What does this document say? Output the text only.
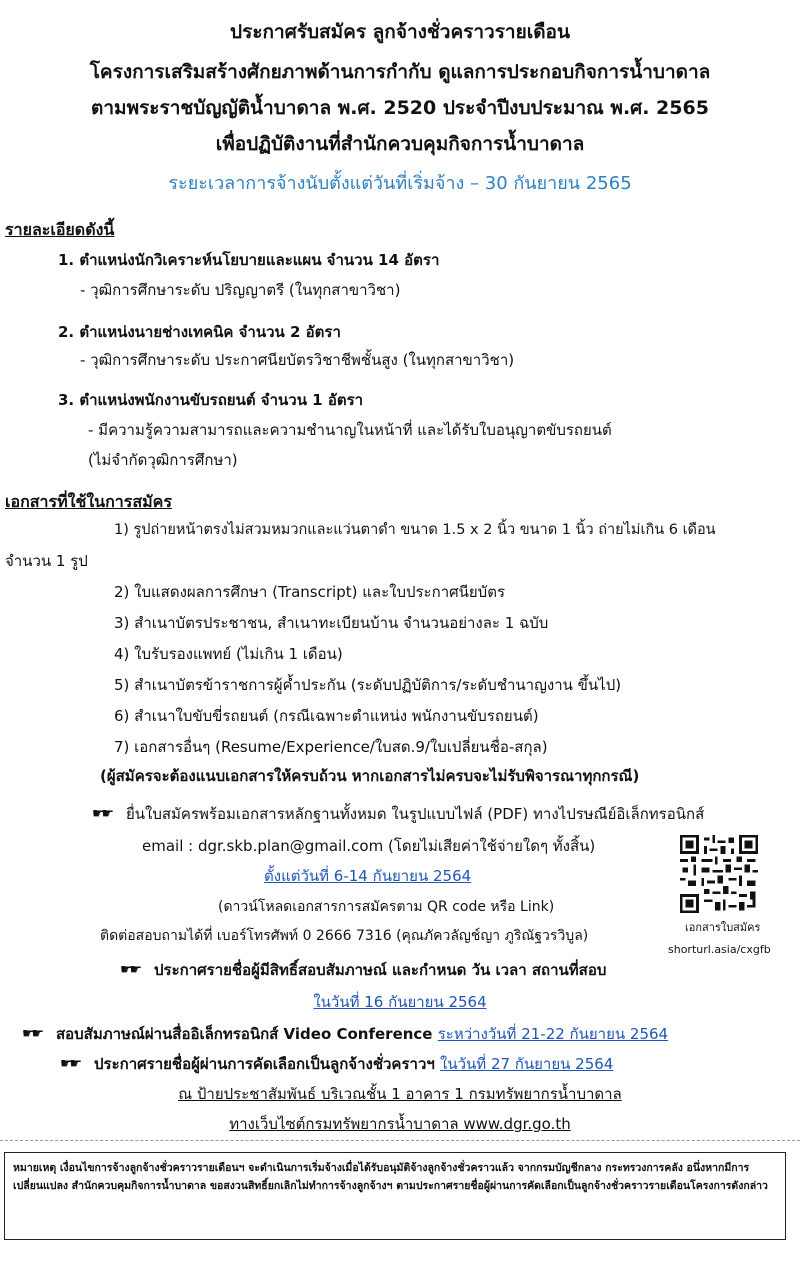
ประกาศรับสมัคร ลูกจ้างชั่วคราวรายเดือน
โครงการเสริมสร้างศักยภาพด้านการกำกับ ดูแลการประกอบกิจการน้ำบาดาล
ตามพระราชบัญญัติน้ำบาดาล พ.ศ. 2520 ประจำปีงบประมาณ พ.ศ. 2565
เพื่อปฏิบัติงานที่สำนักควบคุมกิจการน้ำบาดาล
ระยะเวลาการจ้างนับตั้งแต่วันที่เริ่มจ้าง – 30 กันยายน 2565
รายละเอียดดังนี้
1. ตำแหน่งนักวิเคราะห์นโยบายและแผน จำนวน 14 อัตรา
- วุฒิการศึกษาระดับ ปริญญาตรี (ในทุกสาขาวิชา)
2. ตำแหน่งนายช่างเทคนิค จำนวน 2 อัตรา
- วุฒิการศึกษาระดับ ประกาศนียบัตรวิชาชีพชั้นสูง (ในทุกสาขาวิชา)
3. ตำแหน่งพนักงานขับรถยนต์ จำนวน 1 อัตรา
- มีความรู้ความสามารถและความชำนาญในหน้าที่ และได้รับใบอนุญาตขับรถยนต์
(ไม่จำกัดวุฒิการศึกษา)
เอกสารที่ใช้ในการสมัคร
1) รูปถ่ายหน้าตรงไม่สวมหมวกและแว่นตาดำ ขนาด 1.5 x 2 นิ้ว ขนาด 1 นิ้ว ถ่ายไม่เกิน 6 เดือน
จำนวน 1 รูป
2) ใบแสดงผลการศึกษา (Transcript) และใบประกาศนียบัตร
3) สำเนาบัตรประชาชน, สำเนาทะเบียนบ้าน จำนวนอย่างละ 1 ฉบับ
4) ใบรับรองแพทย์ (ไม่เกิน 1 เดือน)
5) สำเนาบัตรข้าราชการผู้ค้ำประกัน (ระดับปฏิบัติการ/ระดับชำนาญงาน ขึ้นไป)
6) สำเนาใบขับขี่รถยนต์ (กรณีเฉพาะตำแหน่ง พนักงานขับรถยนต์)
7) เอกสารอื่นๆ (Resume/Experience/ใบสด.9/ใบเปลี่ยนชื่อ-สกุล)
(ผู้สมัครจะต้องแนบเอกสารให้ครบถ้วน หากเอกสารไม่ครบจะไม่รับพิจารณาทุกกรณี)
☛☛ยื่นใบสมัครพร้อมเอกสารหลักฐานทั้งหมด ในรูปแบบไฟล์ (PDF) ทางไปรษณีย์อิเล็กทรอนิกส์
email : dgr.skb.plan@gmail.com (โดยไม่เสียค่าใช้จ่ายใดๆ ทั้งสิ้น)
ตั้งแต่วันที่ 6-14 กันยายน 2564
(ดาวน์โหลดเอกสารการสมัครตาม QR code หรือ Link)
ติดต่อสอบถามได้ที่ เบอร์โทรศัพท์ 0 2666 7316 (คุณภัควลัญช์ญา ภูริณัฐวรวิบูล)
เอกสารใบสมัคร
shorturl.asia/cxgfb
☛☛ประกาศรายชื่อผู้มีสิทธิ์สอบสัมภาษณ์ และกำหนด วัน เวลา สถานที่สอบ
ในวันที่ 16 กันยายน 2564
☛☛สอบสัมภาษณ์ผ่านสื่ออิเล็กทรอนิกส์ Video Conference ระหว่างวันที่ 21-22 กันยายน 2564
☛☛ประกาศรายชื่อผู้ผ่านการคัดเลือกเป็นลูกจ้างชั่วคราวฯ ในวันที่ 27 กันยายน 2564
ณ ป้ายประชาสัมพันธ์ บริเวณชั้น 1 อาคาร 1 กรมทรัพยากรน้ำบาดาล
ทางเว็บไซต์กรมทรัพยากรน้ำบาดาล www.dgr.go.th
หมายเหตุ เงื่อนไขการจ้างลูกจ้างชั่วคราวรายเดือนฯ จะดำเนินการเริ่มจ้างเมื่อได้รับอนุมัติจ้างลูกจ้างชั่วคราวแล้ว จากกรมบัญชีกลาง กระทรวงการคลัง อนึ่งหากมีการเปลี่ยนแปลง สำนักควบคุมกิจการน้ำบาดาล ขอสงวนสิทธิ์ยกเลิกไม่ทำการจ้างลูกจ้างฯ ตามประกาศรายชื่อผู้ผ่านการคัดเลือกเป็นลูกจ้างชั่วคราวรายเดือนโครงการดังกล่าว
